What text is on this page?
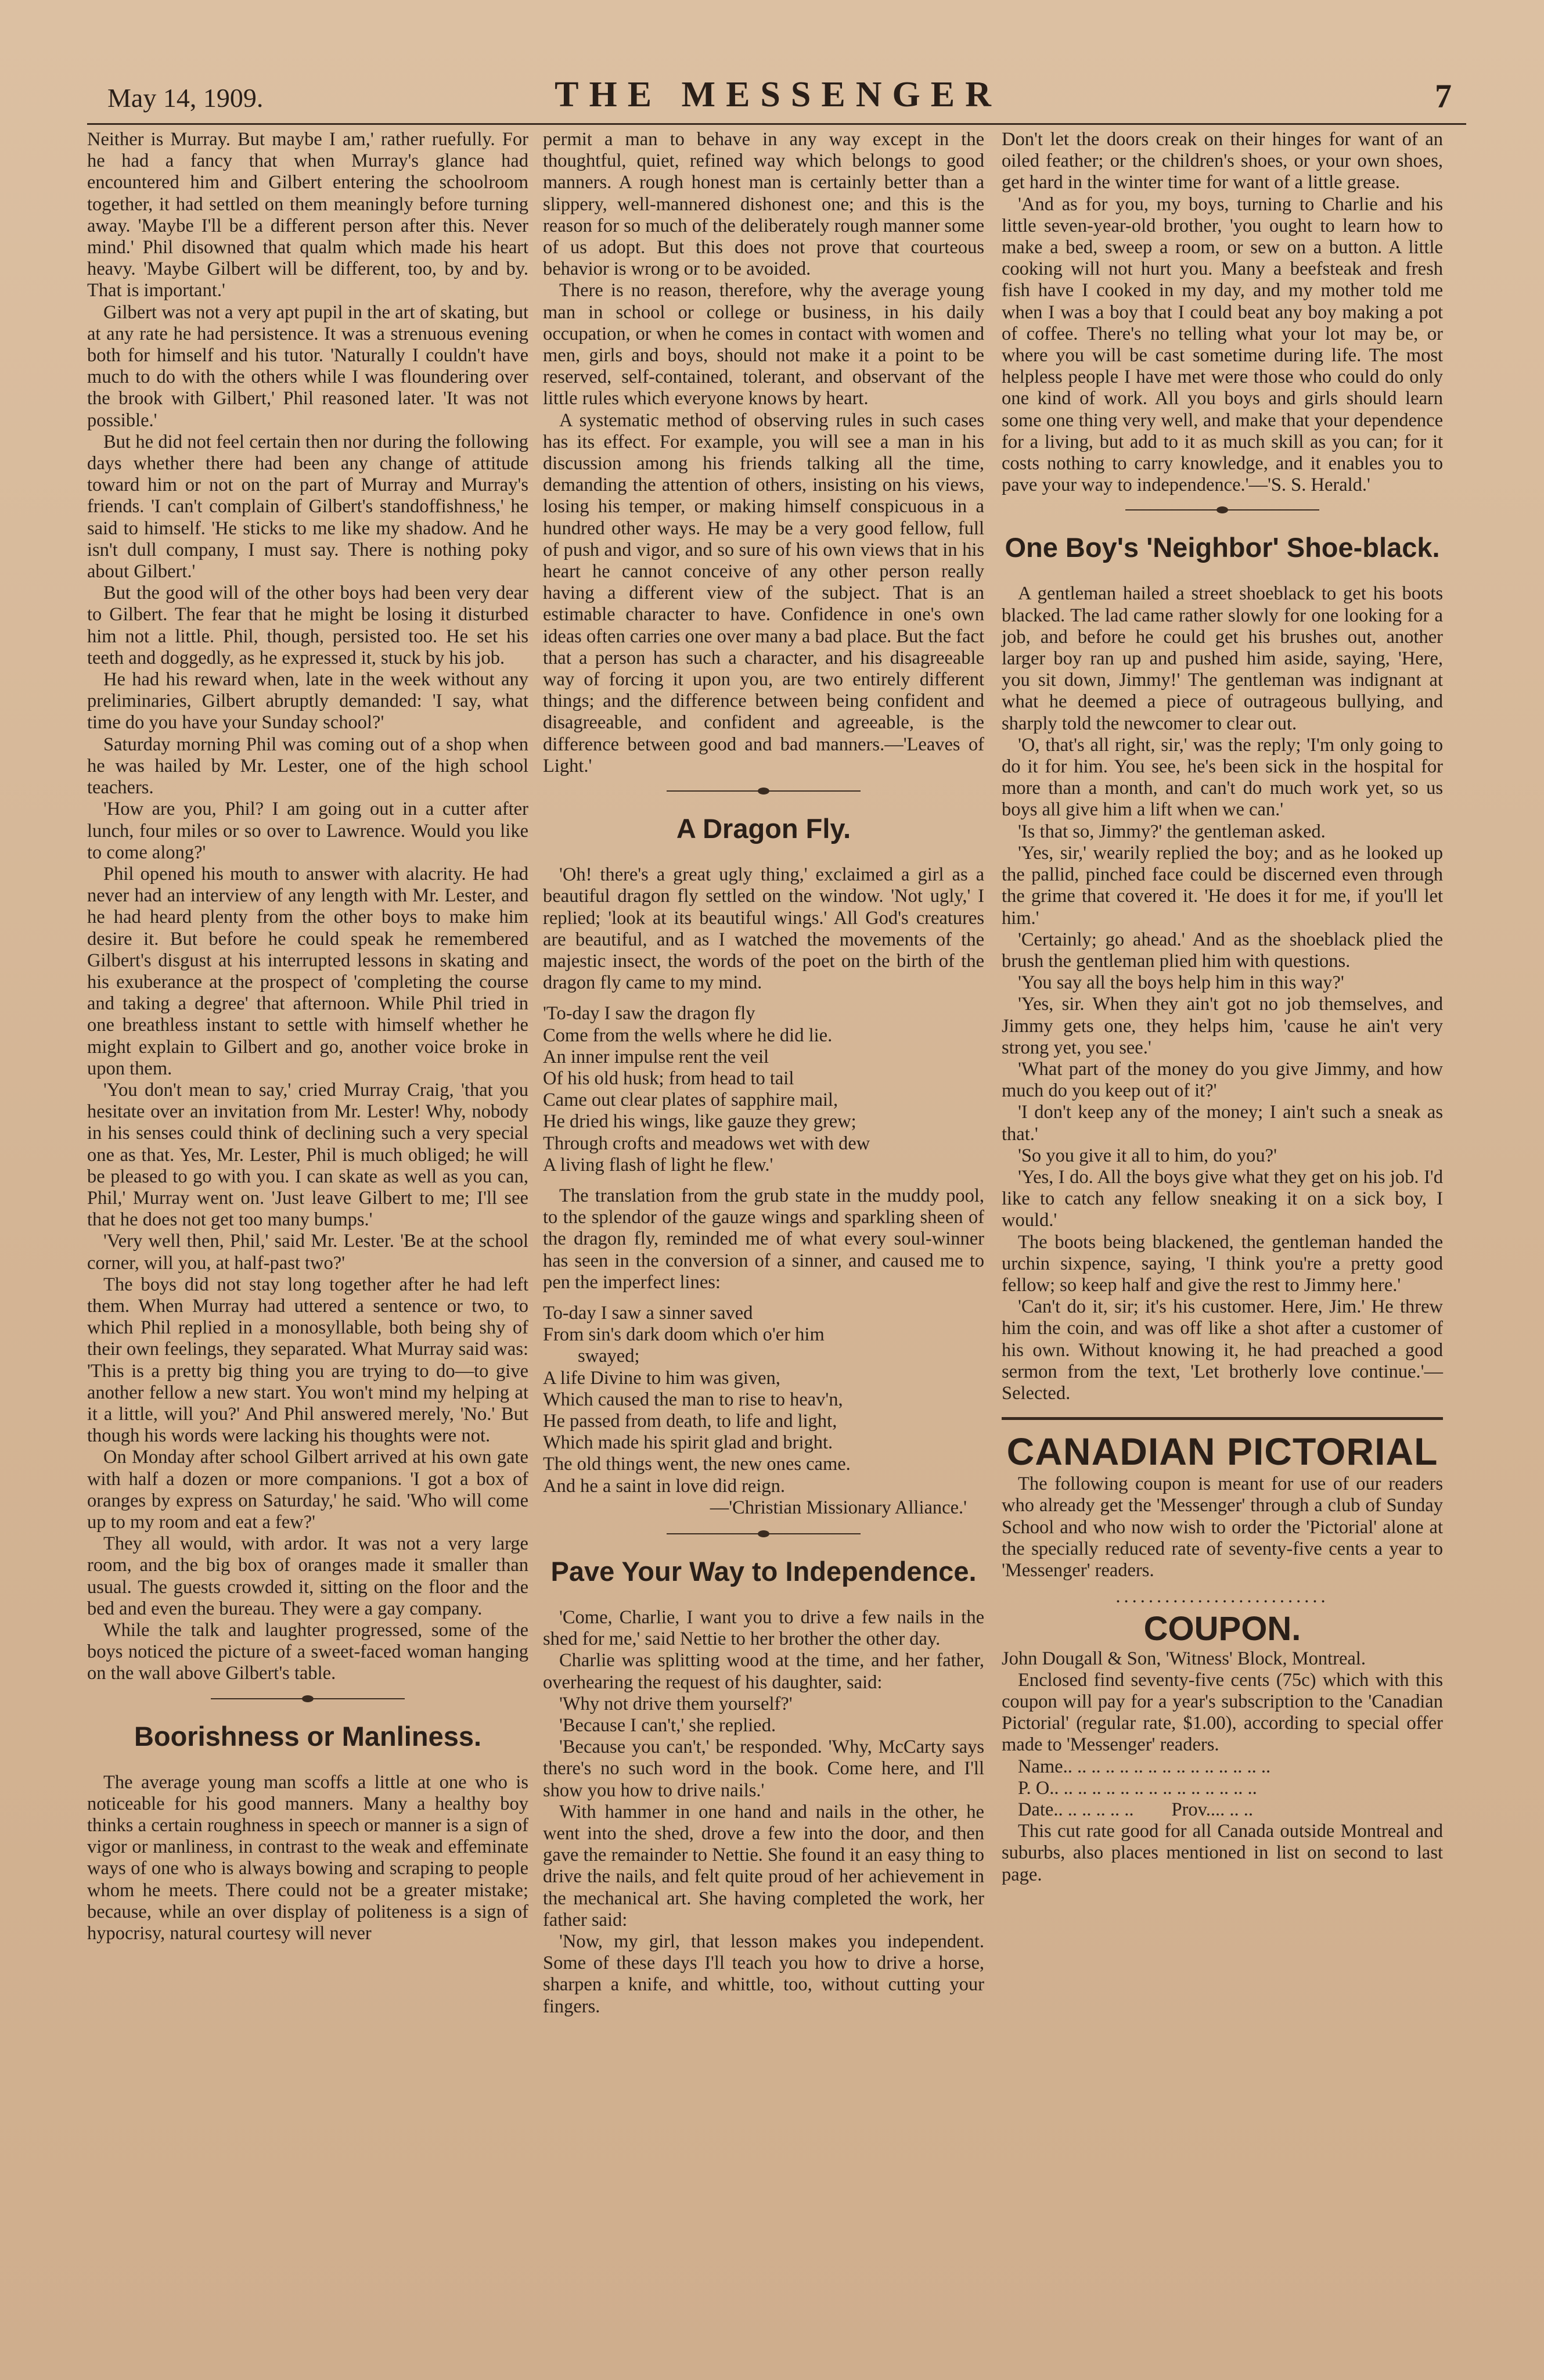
May 14, 1909.	THE MESSENGER	7

Neither is Murray. But maybe I am,' rather ruefully. For he had a fancy that when Murray's glance had encountered him and Gilbert entering the schoolroom together, it had settled on them meaningly before turning away. 'Maybe I'll be a different person after this. Never mind.' Phil disowned that qualm which made his heart heavy. 'Maybe Gilbert will be different, too, by and by. That is important.'

Gilbert was not a very apt pupil in the art of skating, but at any rate he had persistence. It was a strenuous evening both for himself and his tutor. 'Naturally I couldn't have much to do with the others while I was floundering over the brook with Gilbert,' Phil reasoned later. 'It was not possible.'

But he did not feel certain then nor during the following days whether there had been any change of attitude toward him or not on the part of Murray and Murray's friends. 'I can't complain of Gilbert's standoffishness,' he said to himself. 'He sticks to me like my shadow. And he isn't dull company, I must say. There is nothing poky about Gilbert.'

But the good will of the other boys had been very dear to Gilbert. The fear that he might be losing it disturbed him not a little. Phil, though, persisted too. He set his teeth and doggedly, as he expressed it, stuck by his job.

He had his reward when, late in the week without any preliminaries, Gilbert abruptly demanded: 'I say, what time do you have your Sunday school?'

Saturday morning Phil was coming out of a shop when he was hailed by Mr. Lester, one of the high school teachers.

'How are you, Phil? I am going out in a cutter after lunch, four miles or so over to Lawrence. Would you like to come along?'

Phil opened his mouth to answer with alacrity. He had never had an interview of any length with Mr. Lester, and he had heard plenty from the other boys to make him desire it. But before he could speak he remembered Gilbert's disgust at his interrupted lessons in skating and his exuberance at the prospect of 'completing the course and taking a degree' that afternoon. While Phil tried in one breathless instant to settle with himself whether he might explain to Gilbert and go, another voice broke in upon them.

'You don't mean to say,' cried Murray Craig, 'that you hesitate over an invitation from Mr. Lester! Why, nobody in his senses could think of declining such a very special one as that. Yes, Mr. Lester, Phil is much obliged; he will be pleased to go with you. I can skate as well as you can, Phil,' Murray went on. 'Just leave Gilbert to me; I'll see that he does not get too many bumps.'

'Very well then, Phil,' said Mr. Lester. 'Be at the school corner, will you, at half-past two?'

The boys did not stay long together after he had left them. When Murray had uttered a sentence or two, to which Phil replied in a monosyllable, both being shy of their own feelings, they separated. What Murray said was: 'This is a pretty big thing you are trying to do—to give another fellow a new start. You won't mind my helping at it a little, will you?' And Phil answered merely, 'No.' But though his words were lacking his thoughts were not.

On Monday after school Gilbert arrived at his own gate with half a dozen or more companions. 'I got a box of oranges by express on Saturday,' he said. 'Who will come up to my room and eat a few?'

They all would, with ardor. It was not a very large room, and the big box of oranges made it smaller than usual. The guests crowded it, sitting on the floor and the bed and even the bureau. They were a gay company.

While the talk and laughter progressed, some of the boys noticed the picture of a sweet-faced woman hanging on the wall above Gilbert's table.

Boorishness or Manliness.

The average young man scoffs a little at one who is noticeable for his good manners. Many a healthy boy thinks a certain roughness in speech or manner is a sign of vigor or manliness, in contrast to the weak and effeminate ways of one who is always bowing and scraping to people whom he meets. There could not be a greater mistake; because, while an over display of politeness is a sign of hypocrisy, natural courtesy will never

permit a man to behave in any way except in the thoughtful, quiet, refined way which belongs to good manners. A rough honest man is certainly better than a slippery, well-mannered dishonest one; and this is the reason for so much of the deliberately rough manner some of us adopt. But this does not prove that courteous behavior is wrong or to be avoided.

There is no reason, therefore, why the average young man in school or college or business, in his daily occupation, or when he comes in contact with women and men, girls and boys, should not make it a point to be reserved, self-contained, tolerant, and observant of the little rules which everyone knows by heart.

A systematic method of observing rules in such cases has its effect. For example, you will see a man in his discussion among his friends talking all the time, demanding the attention of others, insisting on his views, losing his temper, or making himself conspicuous in a hundred other ways. He may be a very good fellow, full of push and vigor, and so sure of his own views that in his heart he cannot conceive of any other person really having a different view of the subject. That is an estimable character to have. Confidence in one's own ideas often carries one over many a bad place. But the fact that a person has such a character, and his disagreeable way of forcing it upon you, are two entirely different things; and the difference between being confident and disagreeable, and confident and agreeable, is the difference between good and bad manners.—'Leaves of Light.'

A Dragon Fly.

'Oh! there's a great ugly thing,' exclaimed a girl as a beautiful dragon fly settled on the window. 'Not ugly,' I replied; 'look at its beautiful wings.' All God's creatures are beautiful, and as I watched the movements of the majestic insect, the words of the poet on the birth of the dragon fly came to my mind.

'To-day I saw the dragon fly
Come from the wells where he did lie.
An inner impulse rent the veil
Of his old husk; from head to tail
Came out clear plates of sapphire mail,
He dried his wings, like gauze they grew;
Through crofts and meadows wet with dew
A living flash of light he flew.'

The translation from the grub state in the muddy pool, to the splendor of the gauze wings and sparkling sheen of the dragon fly, reminded me of what every soul-winner has seen in the conversion of a sinner, and caused me to pen the imperfect lines:

To-day I saw a sinner saved
From sin's dark doom which o'er him
swayed;
A life Divine to him was given,
Which caused the man to rise to heav'n,
He passed from death, to life and light,
Which made his spirit glad and bright.
The old things went, the new ones came.
And he a saint in love did reign.
—'Christian Missionary Alliance.'
Pave Your Way to Independence.

'Come, Charlie, I want you to drive a few nails in the shed for me,' said Nettie to her brother the other day.

Charlie was splitting wood at the time, and her father, overhearing the request of his daughter, said:

'Why not drive them yourself?'

'Because I can't,' she replied.

'Because you can't,' be responded. 'Why, McCarty says there's no such word in the book. Come here, and I'll show you how to drive nails.'

With hammer in one hand and nails in the other, he went into the shed, drove a few into the door, and then gave the remainder to Nettie. She found it an easy thing to drive the nails, and felt quite proud of her achievement in the mechanical art. She having completed the work, her father said:

'Now, my girl, that lesson makes you independent. Some of these days I'll teach you how to drive a horse, sharpen a knife, and whittle, too, without cutting your fingers.

Don't let the doors creak on their hinges for want of an oiled feather; or the children's shoes, or your own shoes, get hard in the winter time for want of a little grease.

'And as for you, my boys, turning to Charlie and his little seven-year-old brother, 'you ought to learn how to make a bed, sweep a room, or sew on a button. A little cooking will not hurt you. Many a beefsteak and fresh fish have I cooked in my day, and my mother told me when I was a boy that I could beat any boy making a pot of coffee. There's no telling what your lot may be, or where you will be cast sometime during life. The most helpless people I have met were those who could do only one kind of work. All you boys and girls should learn some one thing very well, and make that your dependence for a living, but add to it as much skill as you can; for it costs nothing to carry knowledge, and it enables you to pave your way to independence.'—'S. S. Herald.'

One Boy's 'Neighbor' Shoe-black.

A gentleman hailed a street shoeblack to get his boots blacked. The lad came rather slowly for one looking for a job, and before he could get his brushes out, another larger boy ran up and pushed him aside, saying, 'Here, you sit down, Jimmy!' The gentleman was indignant at what he deemed a piece of outrageous bullying, and sharply told the newcomer to clear out.

'O, that's all right, sir,' was the reply; 'I'm only going to do it for him. You see, he's been sick in the hospital for more than a month, and can't do much work yet, so us boys all give him a lift when we can.'

'Is that so, Jimmy?' the gentleman asked.

'Yes, sir,' wearily replied the boy; and as he looked up the pallid, pinched face could be discerned even through the grime that covered it. 'He does it for me, if you'll let him.'

'Certainly; go ahead.' And as the shoeblack plied the brush the gentleman plied him with questions.

'You say all the boys help him in this way?'

'Yes, sir. When they ain't got no job themselves, and Jimmy gets one, they helps him, 'cause he ain't very strong yet, you see.'

'What part of the money do you give Jimmy, and how much do you keep out of it?'

'I don't keep any of the money; I ain't such a sneak as that.'

'So you give it all to him, do you?'

'Yes, I do. All the boys give what they get on his job. I'd like to catch any fellow sneaking it on a sick boy, I would.'

The boots being blackened, the gentleman handed the urchin sixpence, saying, 'I think you're a pretty good fellow; so keep half and give the rest to Jimmy here.'

'Can't do it, sir; it's his customer. Here, Jim.' He threw him the coin, and was off like a shot after a customer of his own. Without knowing it, he had preached a good sermon from the text, 'Let brotherly love continue.'—Selected.

CANADIAN PICTORIAL

The following coupon is meant for use of our readers who already get the 'Messenger' through a club of Sunday School and who now wish to order the 'Pictorial' alone at the specially reduced rate of seventy-five cents a year to 'Messenger' readers.

..........................
COUPON.

John Dougall & Son, 'Witness' Block, Montreal.

Enclosed find seventy-five cents (75c) which with this coupon will pay for a year's subscription to the 'Canadian Pictorial' (regular rate, $1.00), according to special offer made to 'Messenger' readers.

Name.. .. .. .. .. .. .. .. .. .. .. .. .. .. ..

P. O.. .. .. .. .. .. .. .. .. .. .. .. .. .. ..

Date.. .. .. .. .. .. Prov.... .. ..

This cut rate good for all Canada outside Montreal and suburbs, also places mentioned in list on second to last page.
